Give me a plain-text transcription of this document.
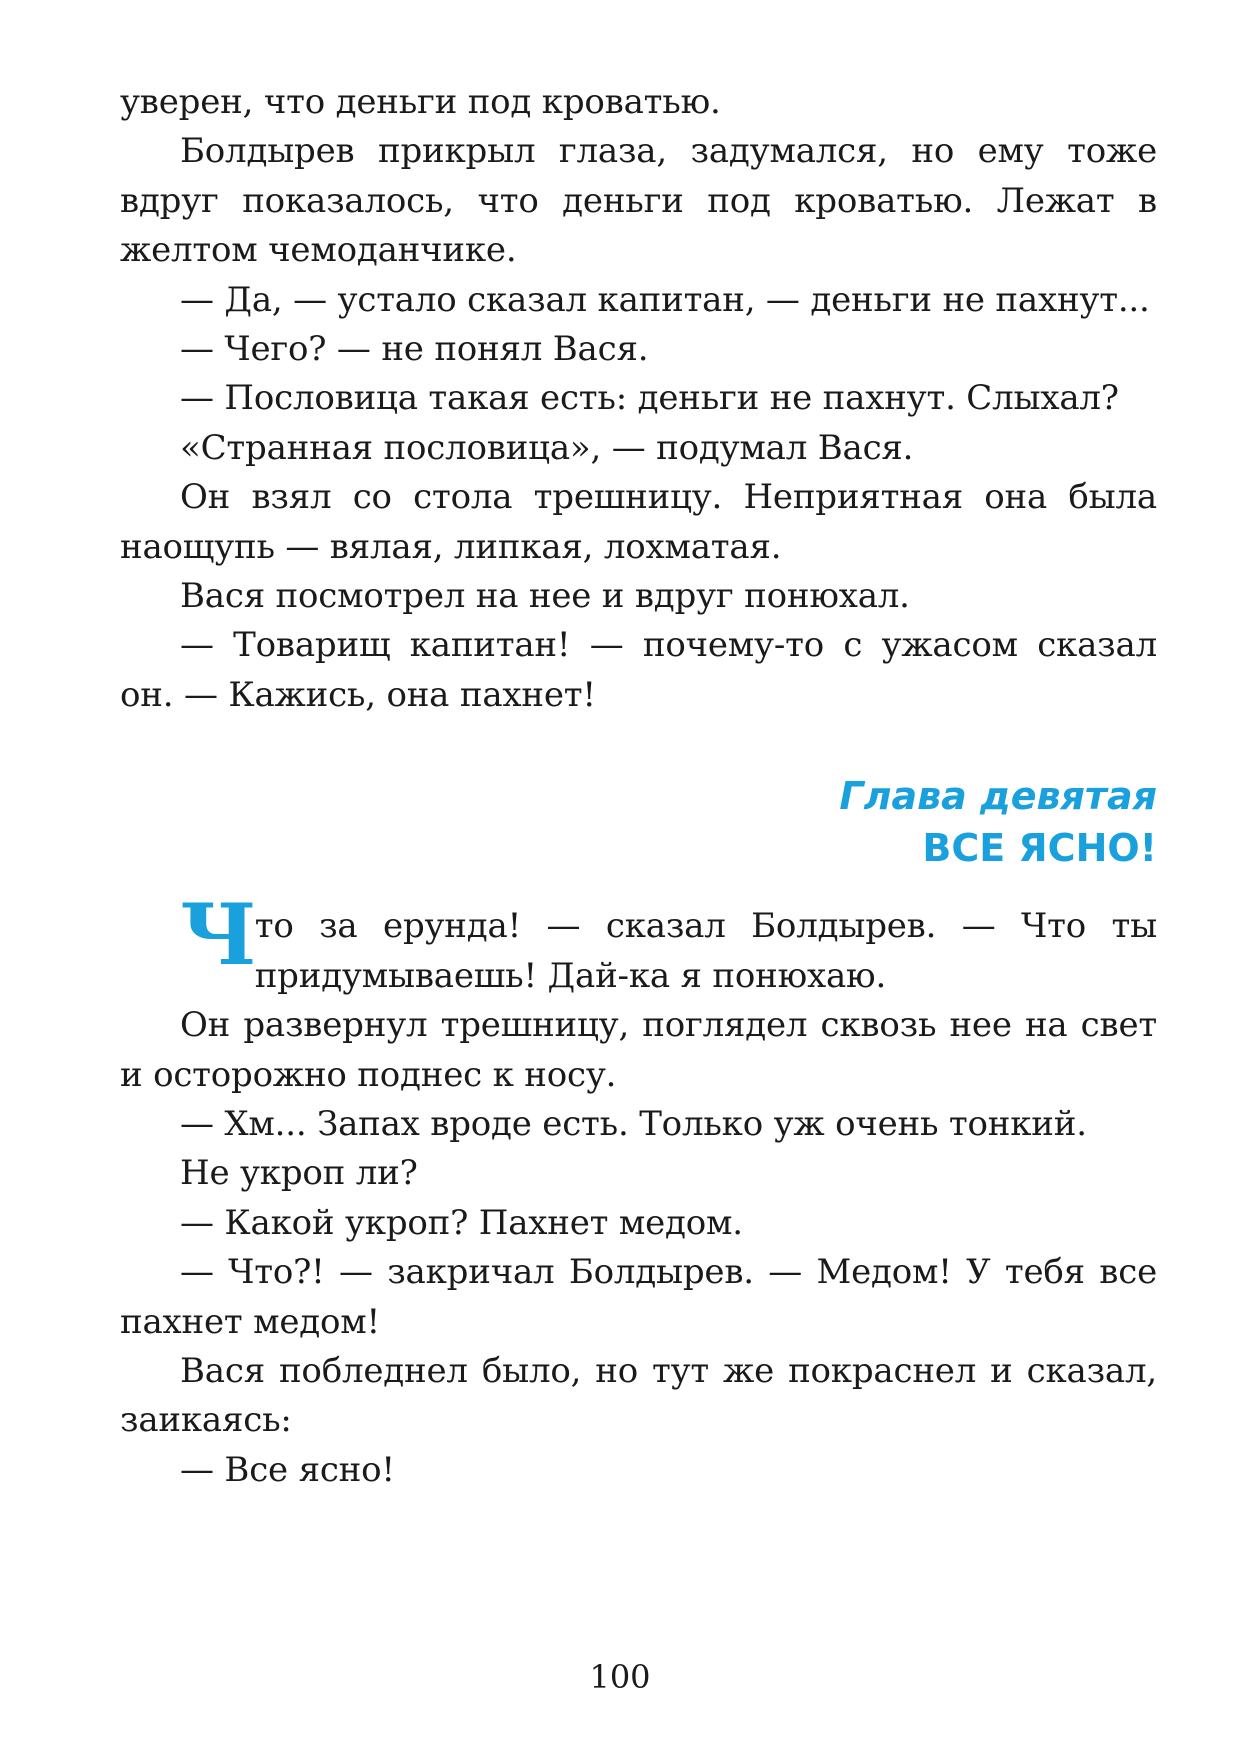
уверен, что деньги под кроватью.

Болдырев прикрыл глаза, задумался, но ему тоже вдруг показалось, что деньги под кроватью. Лежат в желтом чемоданчике.

— Да, — устало сказал капитан, — деньги не пахнут...

— Чего? — не понял Вася.

— Пословица такая есть: деньги не пахнут. Слыхал?

«Странная пословица», — подумал Вася.

Он взял со стола трешницу. Неприятная она была наощупь — вялая, липкая, лохматая.

Вася посмотрел на нее и вдруг понюхал.

— Товарищ капитан! — почему-то с ужасом сказал он. — Кажись, она пахнет!

Глава девятая
ВСЕ ЯСНО!

Что за ерунда! — сказал Болдырев. — Что ты придумываешь! Дай-ка я понюхаю.

Он развернул трешницу, поглядел сквозь нее на свет и осторожно поднес к носу.

— Хм... Запах вроде есть. Только уж очень тонкий.

Не укроп ли?

— Какой укроп? Пахнет медом.

— Что?! — закричал Болдырев. — Медом! У тебя все пахнет медом!

Вася побледнел было, но тут же покраснел и сказал, заикаясь:

— Все ясно!

100
